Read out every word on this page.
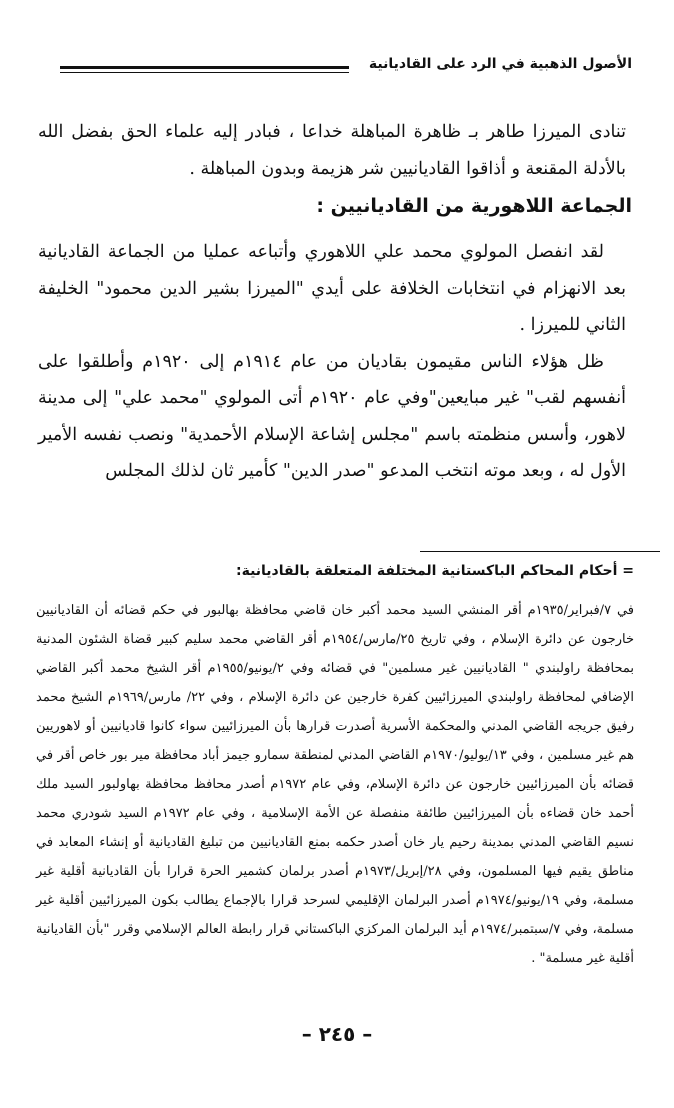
الأصول الذهبية في الرد على القاديانية

تنادى الميرزا طاهر بـ ظاهرة المباهلة خداعا ، فبادر إليه علماء الحق بفضل الله بالأدلة المقنعة و أذاقوا القاديانيين شر هزيمة وبدون المباهلة .

الجماعة اللاهورية من القاديانيين :

لقد انفصل المولوي محمد علي اللاهوري وأتباعه عمليا من الجماعة القاديانية بعد الانهزام في انتخابات الخلافة على أيدي "الميرزا بشير الدين محمود" الخليفة الثاني للميرزا .

ظل هؤلاء الناس مقيمون بقاديان من عام ١٩١٤م إلى ١٩٢٠م وأطلقوا على أنفسهم لقب" غير مبايعين"وفي عام ١٩٢٠م أتى المولوي "محمد علي" إلى مدينة لاهور، وأسس منظمته باسم "مجلس إشاعة الإسلام الأحمدية" ونصب نفسه الأمير الأول له ، وبعد موته انتخب المدعو "صدر الدين" كأمير ثان لذلك المجلس

= أحكام المحاكم الباكستانية المختلفة المتعلقة بالقاديانية:
في ٧/فبراير/١٩٣٥م أقر المنشي السيد محمد أكبر خان قاضي محافظة بهالبور في حكم قضائه أن القاديانيين خارجون عن دائرة الإسلام ، وفي تاريخ ٢٥/مارس/١٩٥٤م أقر القاضي محمد سليم كبير قضاة الشئون المدنية بمحافظة راولبندي " القاديانيين غير مسلمين" في قضائه وفي ٢/يونيو/١٩٥٥م أقر الشيخ محمد أكبر القاضي الإضافي لمحافظة راولبندي الميرزائيين كفرة خارجين عن دائرة الإسلام ، وفي ٢٢/ مارس/١٩٦٩م الشيخ محمد رفيق جريجه القاضي المدني والمحكمة الأسرية أصدرت قرارها بأن الميرزائيين سواء كانوا قاديانيين أو لاهوريين هم غير مسلمين ، وفي ١٣/يوليو/١٩٧٠م القاضي المدني لمنطقة سمارو جيمز أباد محافظة مير بور خاص أقر في قضائه بأن الميرزائيين خارجون عن دائرة الإسلام، وفي عام ١٩٧٢م أصدر محافظ محافظة بهاولبور السيد ملك أحمد خان قضاءه بأن الميرزائيين طائفة منفصلة عن الأمة الإسلامية ، وفي عام ١٩٧٢م السيد شودري محمد نسيم القاضي المدني بمدينة رحيم يار خان أصدر حكمه بمنع القاديانيين من تبليغ القاديانية أو إنشاء المعابد في مناطق يقيم فيها المسلمون، وفي ٢٨/إبريل/١٩٧٣م أصدر برلمان كشمير الحرة قرارا بأن القاديانية أقلية غير مسلمة، وفي ١٩/يونيو/١٩٧٤م أصدر البرلمان الإقليمي لسرحد قرارا بالإجماع يطالب بكون الميرزائيين أقلية غير مسلمة، وفي ٧/سبتمبر/١٩٧٤م أيد البرلمان المركزي الباكستاني قرار رابطة العالم الإسلامي وقرر "بأن القاديانية أقلية غير مسلمة" .
– ٢٤٥ –
